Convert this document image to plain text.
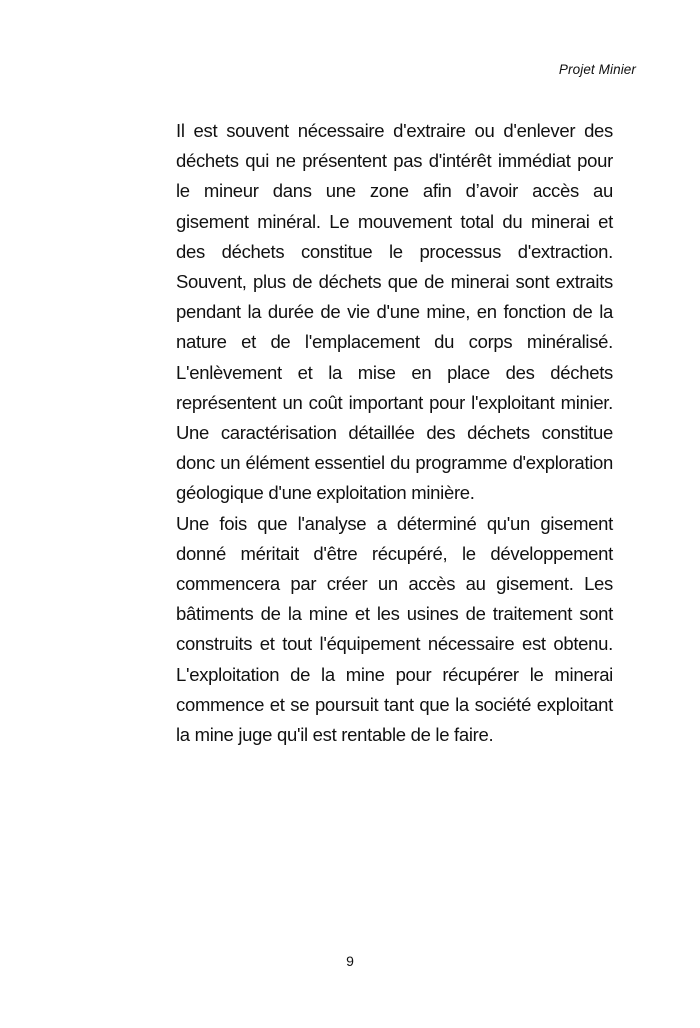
Projet Minier

Il est souvent nécessaire d'extraire ou d'enlever des déchets qui ne présentent pas d'intérêt immédiat pour le mineur dans une zone afin d’avoir accès au gisement minéral. Le mouvement total du minerai et des déchets constitue le processus d'extraction. Souvent, plus de déchets que de minerai sont extraits pendant la durée de vie d'une mine, en fonction de la nature et de l'emplacement du corps minéralisé. L'enlèvement et la mise en place des déchets représentent un coût important pour l'exploitant minier. Une caractérisation détaillée des déchets constitue donc un élément essentiel du programme d'exploration géologique d'une exploitation minière.

Une fois que l'analyse a déterminé qu'un gisement donné méritait d'être récupéré, le développement commencera par créer un accès au gisement. Les bâtiments de la mine et les usines de traitement sont construits et tout l'équipement nécessaire est obtenu. L'exploitation de la mine pour récupérer le minerai commence et se poursuit tant que la société exploitant la mine juge qu'il est rentable de le faire.

9
